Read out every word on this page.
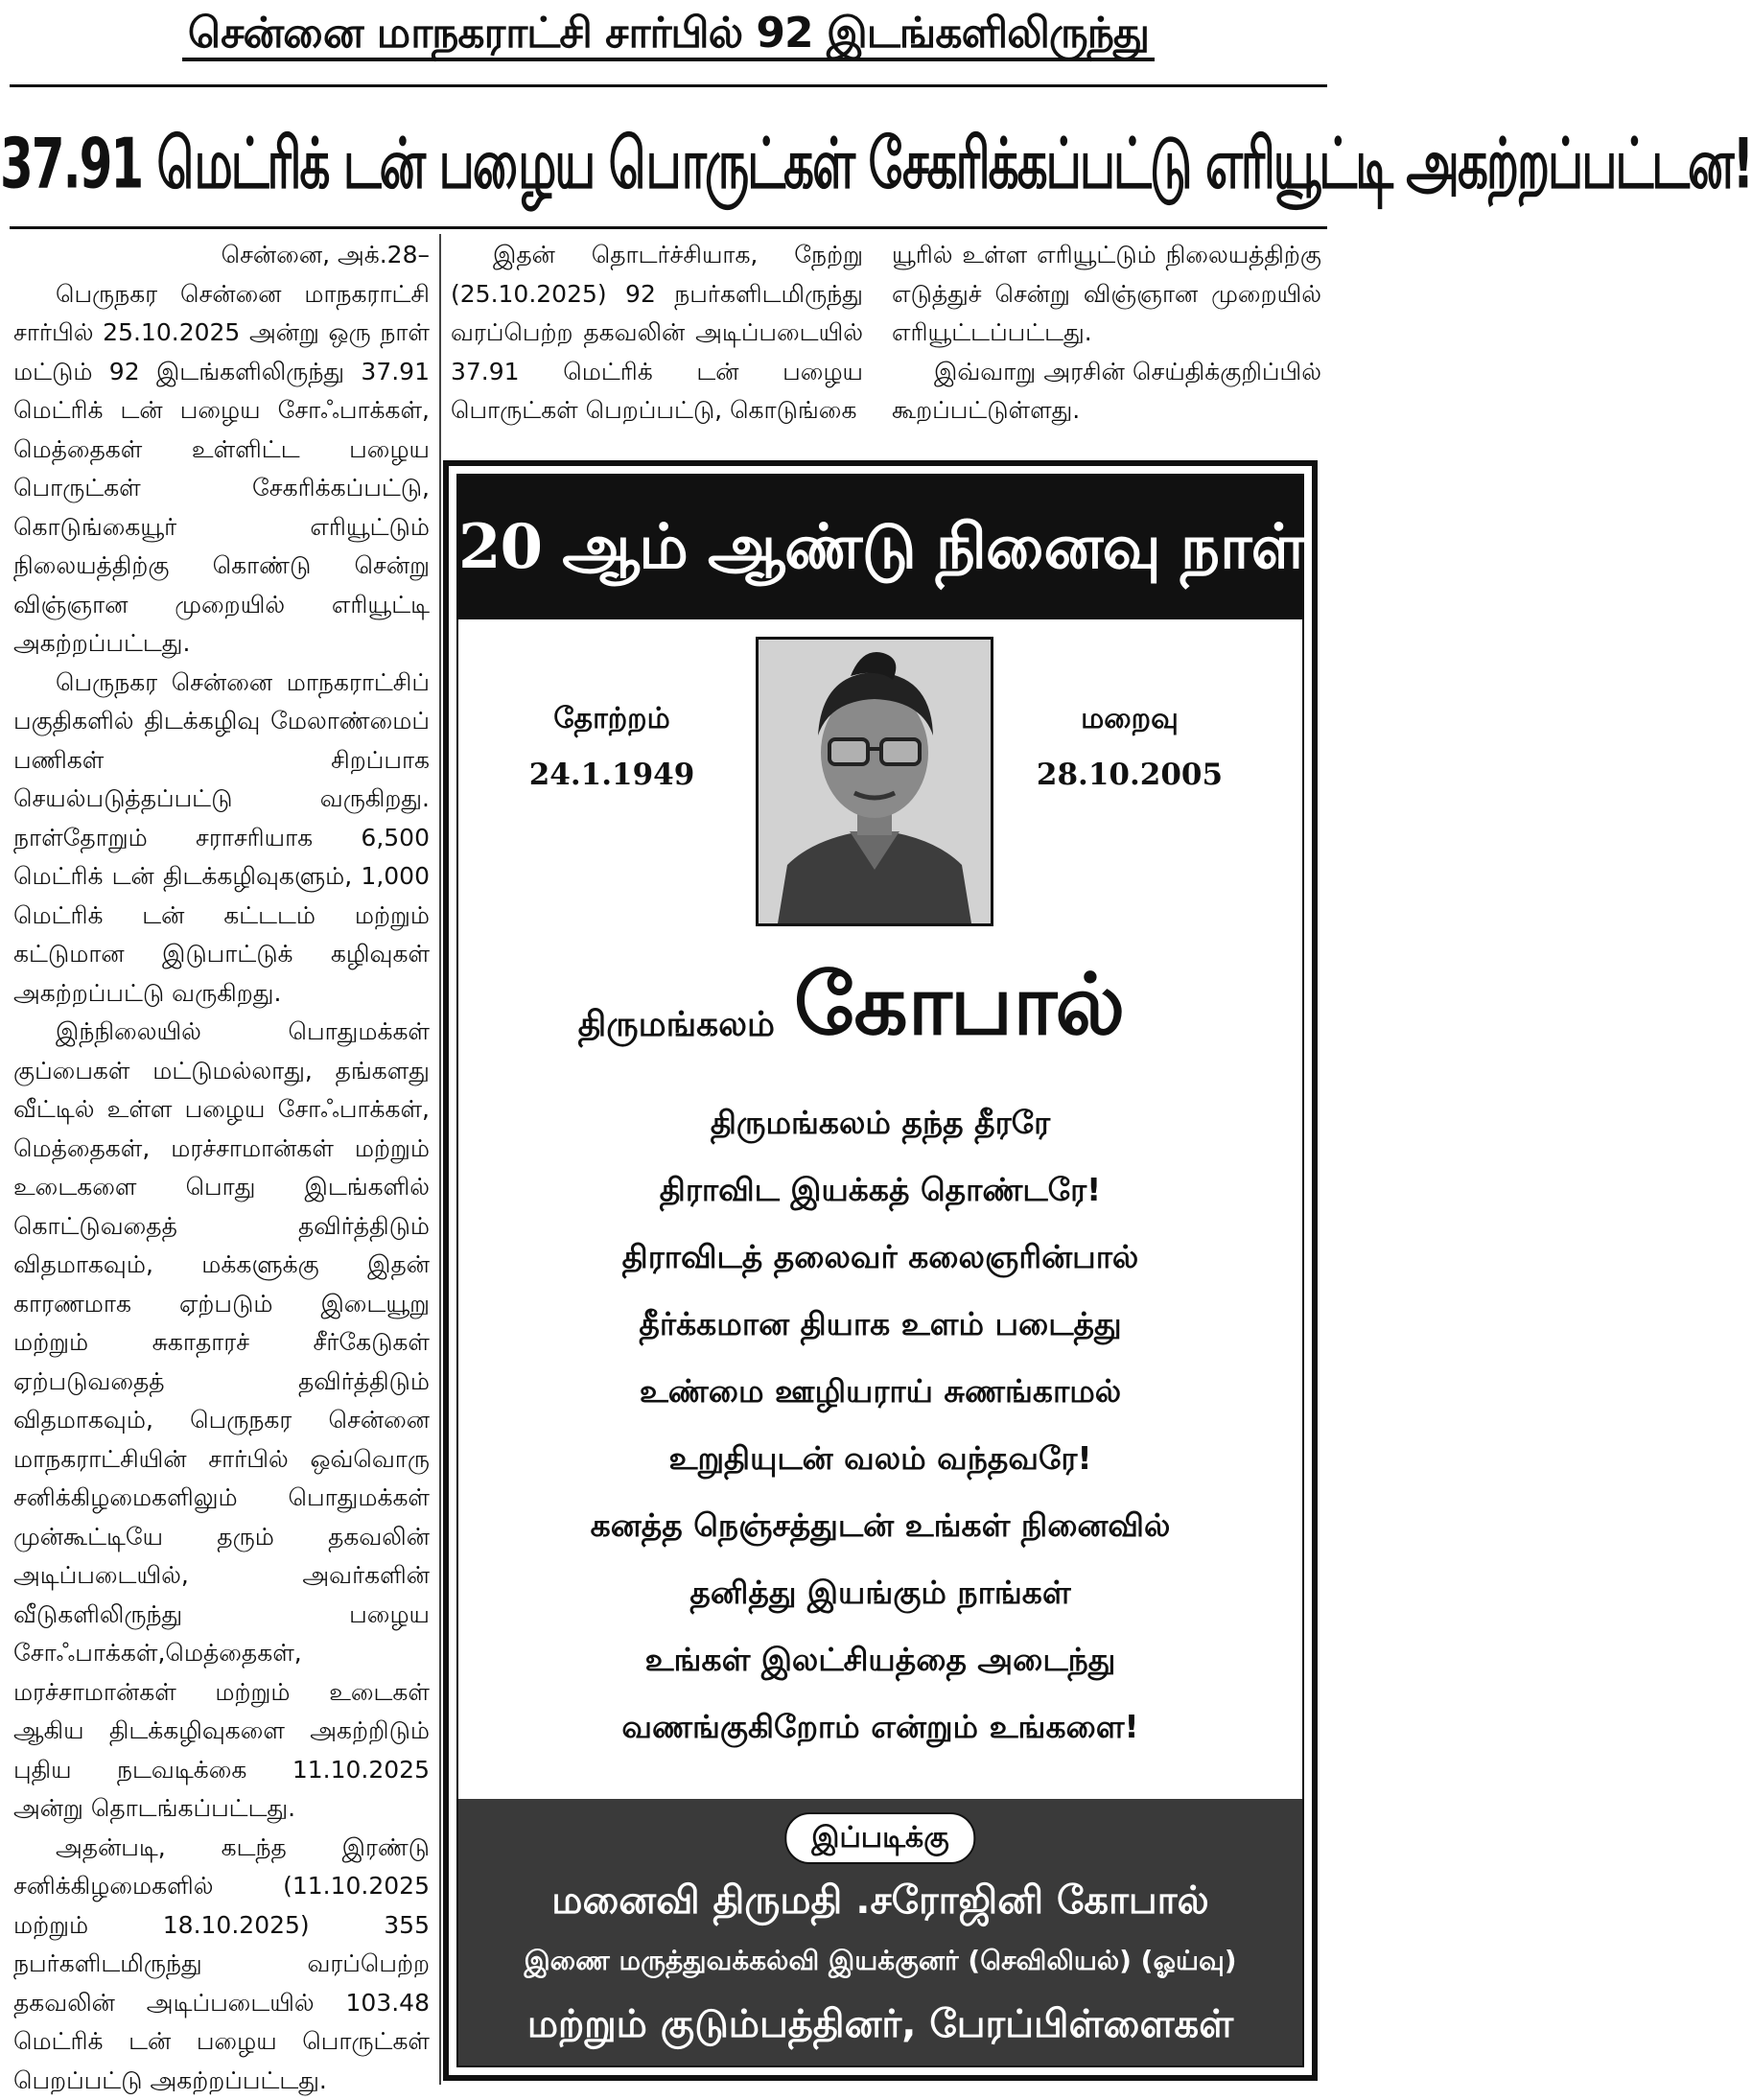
சென்னை மாநகராட்சி சார்பில் 92 இடங்களிலிருந்து
37.91 மெட்ரிக் டன் பழைய பொருட்கள் சேகரிக்கப்பட்டு எரியூட்டி அகற்றப்பட்டன!

சென்னை, அக்.28–

பெருநகர சென்னை மாநகராட்சி சார்பில் 25.10.2025 அன்று ஒரு நாள் மட்டும் 92 இடங்களிலிருந்து 37.91 மெட்ரிக் டன் பழைய சோஃபாக்கள், மெத்தைகள் உள்ளிட்ட பழைய பொருட்கள் சேகரிக்கப்பட்டு, கொடுங்கையூர் எரியூட்டும் நிலையத்திற்கு கொண்டு சென்று விஞ்ஞான முறையில் எரியூட்டி அகற்றப்பட்டது.

பெருநகர சென்னை மாநகராட்சிப் பகுதிகளில் திடக்கழிவு மேலாண்மைப் பணிகள் சிறப்பாக செயல்படுத்தப்பட்டு வருகிறது. நாள்தோறும் சராசரியாக 6,500 மெட்ரிக் டன் திடக்கழிவுகளும், 1,000 மெட்ரிக் டன் கட்டடம் மற்றும் கட்டுமான இடுபாட்டுக் கழிவுகள் அகற்றப்பட்டு வருகிறது.

இந்நிலையில் பொதுமக்கள் குப்பைகள் மட்டுமல்லாது, தங்களது வீட்டில் உள்ள பழைய சோஃபாக்கள், மெத்தைகள், மரச்சாமான்கள் மற்றும் உடைகளை பொது இடங்களில் கொட்டுவதைத் தவிர்த்திடும் விதமாகவும், மக்களுக்கு இதன் காரணமாக ஏற்படும் இடையூறு மற்றும் சுகாதாரச் சீர்கேடுகள் ஏற்படுவதைத் தவிர்த்திடும் விதமாகவும், பெருநகர சென்னை மாநகராட்சியின் சார்பில் ஒவ்வொரு சனிக்கிழமைகளிலும் பொதுமக்கள் முன்கூட்டியே தரும் தகவலின் அடிப்படையில், அவர்களின் வீடுகளிலிருந்து பழைய சோஃபாக்கள்,மெத்தைகள், மரச்சாமான்கள் மற்றும் உடைகள் ஆகிய திடக்கழிவுகளை அகற்றிடும் புதிய நடவடிக்கை 11.10.2025 அன்று தொடங்கப்பட்டது.

அதன்படி, கடந்த இரண்டு சனிக்கிழமைகளில் (11.10.2025 மற்றும் 18.10.2025) 355 நபர்களிடமிருந்து வரப்பெற்ற தகவலின் அடிப்படையில் 103.48 மெட்ரிக் டன் பழைய பொருட்கள் பெறப்பட்டு அகற்றப்பட்டது.

இதன் தொடர்ச்சியாக, நேற்று (25.10.2025) 92 நபர்களிடமிருந்து வரப்பெற்ற தகவலின் அடிப்படையில் 37.91 மெட்ரிக் டன் பழைய பொருட்கள் பெறப்பட்டு, கொடுங்கை

யூரில் உள்ள எரியூட்டும் நிலையத்திற்கு எடுத்துச் சென்று விஞ்ஞான முறையில் எரியூட்டப்பட்டது.

இவ்வாறு அரசின் செய்திக்குறிப்பில் கூறப்பட்டுள்ளது.

20 ஆம் ஆண்டு நினைவு நாள்
தோற்றம்
24.1.1949
மறைவு
28.10.2005
திருமங்கலம் கோபால்
திருமங்கலம் தந்த தீரரே
திராவிட இயக்கத் தொண்டரே!
திராவிடத் தலைவர் கலைஞரின்பால்
தீர்க்கமான தியாக உளம் படைத்து
உண்மை ஊழியராய் சுணங்காமல்
உறுதியுடன் வலம் வந்தவரே!
கனத்த நெஞ்சத்துடன் உங்கள் நினைவில்
தனித்து இயங்கும் நாங்கள்
உங்கள் இலட்சியத்தை அடைந்து
வணங்குகிறோம் என்றும் உங்களை!
இப்படிக்கு
மனைவி திருமதி .சரோஜினி கோபால்
இணை மருத்துவக்கல்வி இயக்குனர் (செவிலியல்) (ஓய்வு)
மற்றும் குடும்பத்தினர், பேரப்பிள்ளைகள்
